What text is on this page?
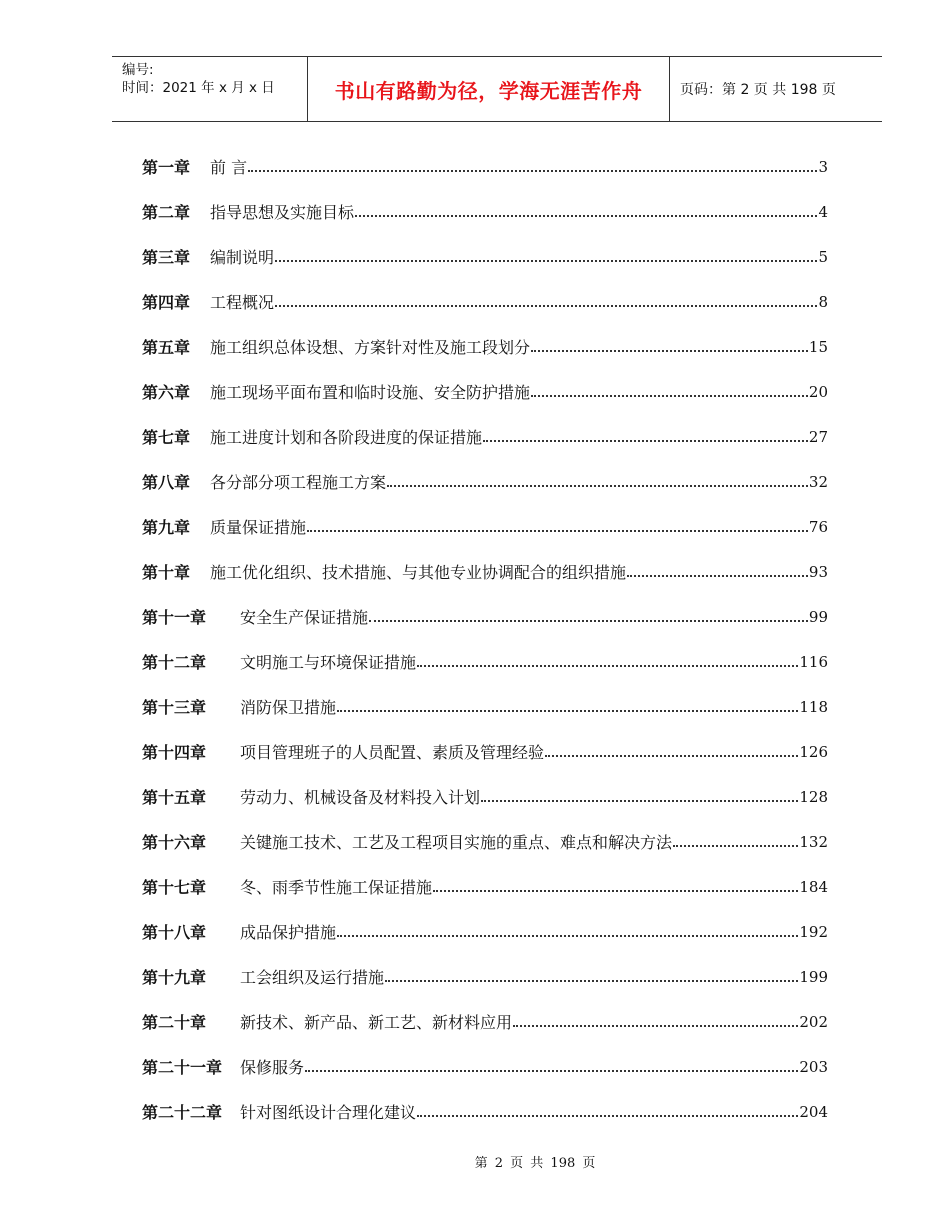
编号:
时间：2021 年 x 月 x 日	书山有路勤为径，学海无涯苦作舟	页码：第 2 页 共 198 页
第一章	前 言	3
第二章	指导思想及实施目标	4
第三章	编制说明	5
第四章	工程概况	8
第五章	施工组织总体设想、方案针对性及施工段划分	15
第六章	施工现场平面布置和临时设施、安全防护措施	20
第七章	施工进度计划和各阶段进度的保证措施	27
第八章	各分部分项工程施工方案	32
第九章	质量保证措施	76
第十章	施工优化组织、技术措施、与其他专业协调配合的组织措施	93
第十一章	安全生产保证措施	99
第十二章	文明施工与环境保证措施	116
第十三章	消防保卫措施	118
第十四章	项目管理班子的人员配置、素质及管理经验	126
第十五章	劳动力、机械设备及材料投入计划	128
第十六章	关键施工技术、工艺及工程项目实施的重点、难点和解决方法	132
第十七章	冬、雨季节性施工保证措施	184
第十八章	成品保护措施	192
第十九章	工会组织及运行措施	199
第二十章	新技术、新产品、新工艺、新材料应用	202
第二十一章	保修服务	203
第二十二章	针对图纸设计合理化建议	204
第 2 页 共 198 页
